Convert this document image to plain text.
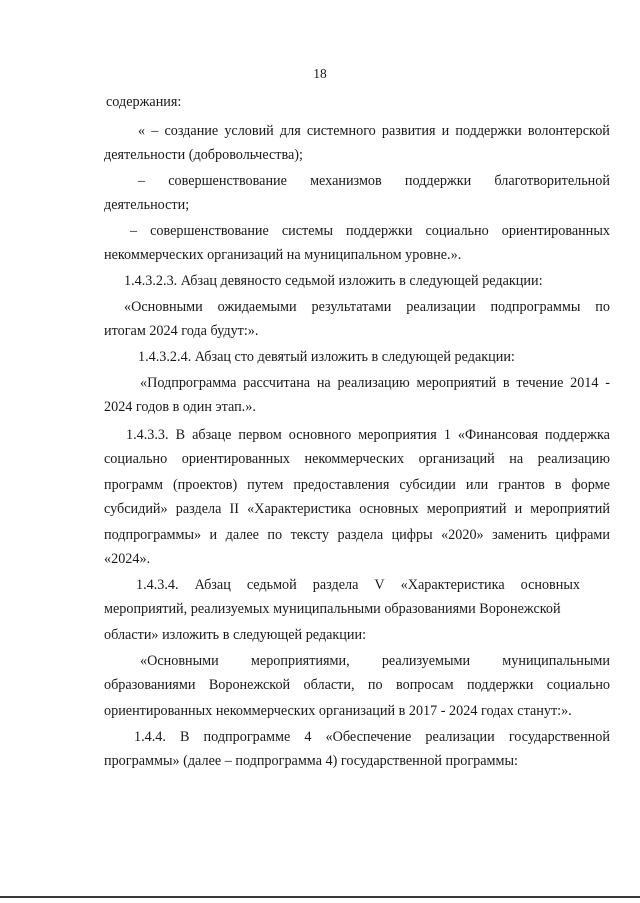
18
содержания:
« – создание условий для системного развития и поддержки волонтерской
деятельности (добровольчества);
– совершенствование механизмов поддержки благотворительной
деятельности;
– совершенствование системы поддержки социально ориентированных
некоммерческих организаций на муниципальном уровне.».
1.4.3.2.3. Абзац девяносто седьмой изложить в следующей редакции:
«Основными ожидаемыми результатами реализации подпрограммы по
итогам 2024 года будут:».
1.4.3.2.4. Абзац сто девятый изложить в следующей редакции:
«Подпрограмма рассчитана на реализацию мероприятий в течение 2014 -
2024 годов в один этап.».
1.4.3.3. В абзаце первом основного мероприятия 1 «Финансовая поддержка
социально ориентированных некоммерческих организаций на реализацию
программ (проектов) путем предоставления субсидии или грантов в форме
субсидий» раздела II «Характеристика основных мероприятий и мероприятий
подпрограммы» и далее по тексту раздела цифры «2020» заменить цифрами
«2024».
1.4.3.4. Абзац седьмой раздела V «Характеристика основных
мероприятий, реализуемых муниципальными образованиями Воронежской
области» изложить в следующей редакции:
«Основными мероприятиями, реализуемыми муниципальными
образованиями Воронежской области, по вопросам поддержки социально
ориентированных некоммерческих организаций в 2017 - 2024 годах станут:».
1.4.4. В подпрограмме 4 «Обеспечение реализации государственной
программы» (далее – подпрограмма 4) государственной программы:
